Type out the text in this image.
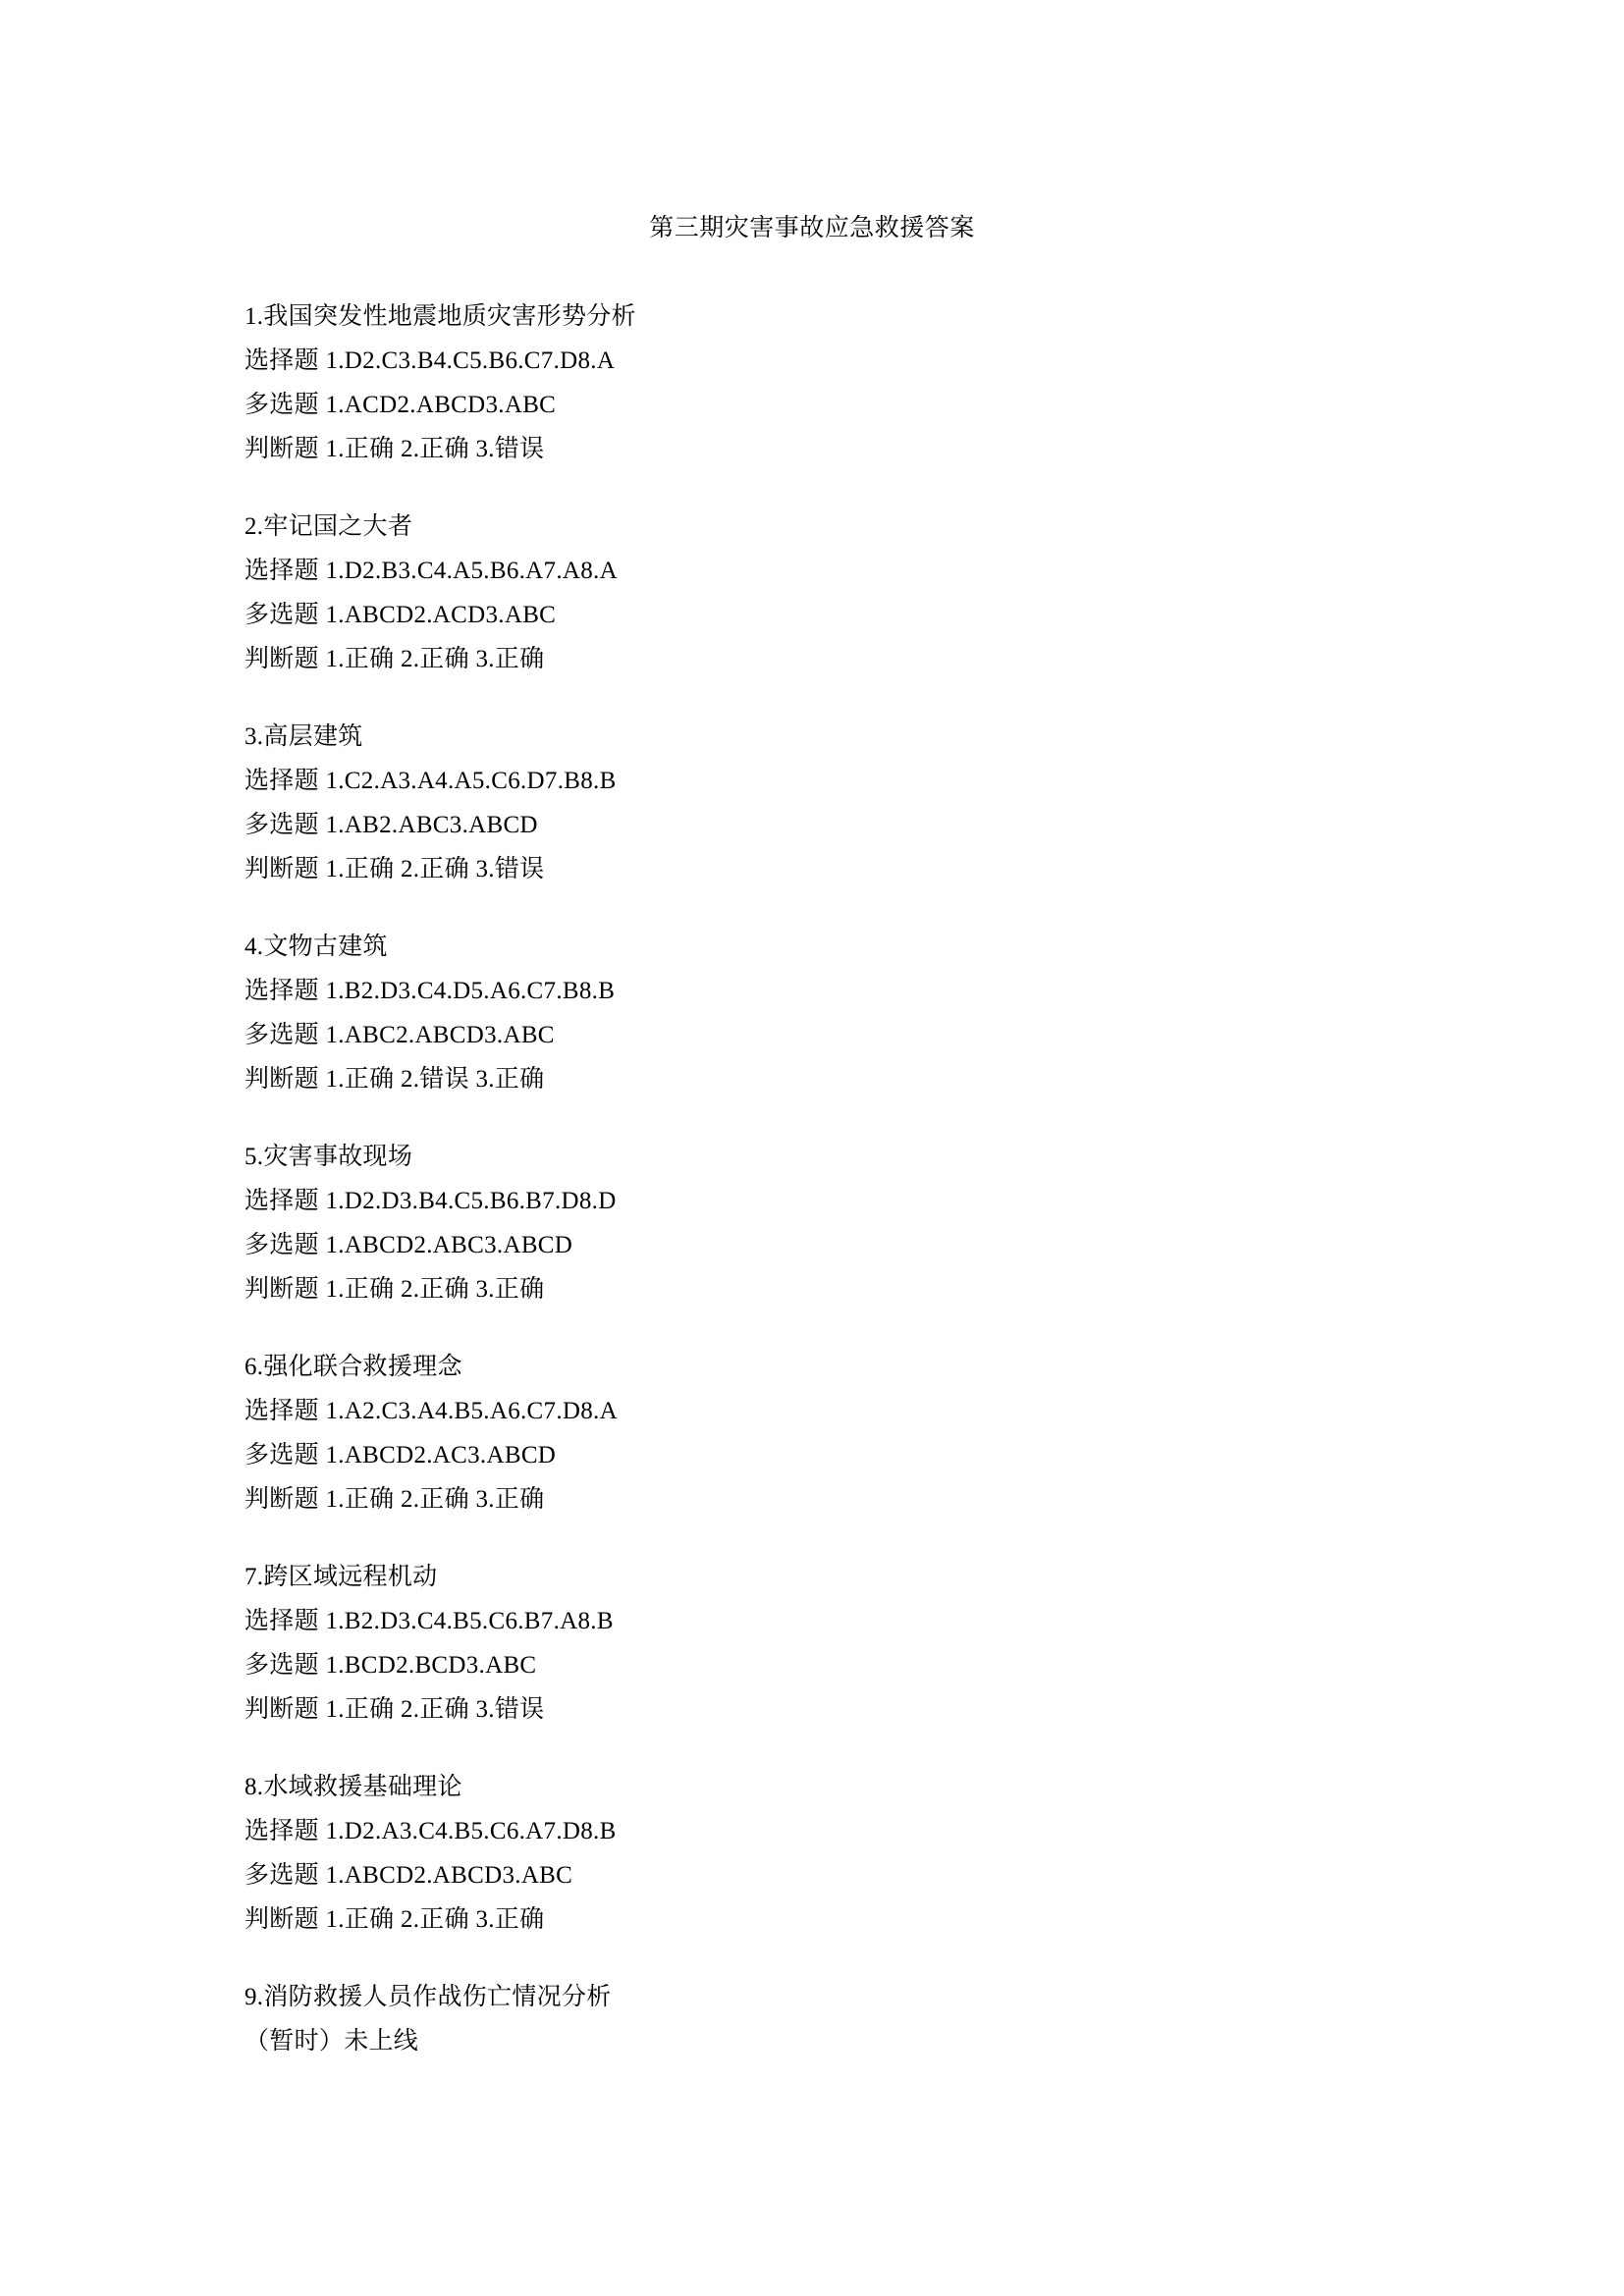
第三期灾害事故应急救援答案
1.我国突发性地震地质灾害形势分析
选择题 1.D2.C3.B4.C5.B6.C7.D8.A
多选题 1.ACD2.ABCD3.ABC
判断题 1.正确 2.正确 3.错误
2.牢记国之大者
选择题 1.D2.B3.C4.A5.B6.A7.A8.A
多选题 1.ABCD2.ACD3.ABC
判断题 1.正确 2.正确 3.正确
3.高层建筑
选择题 1.C2.A3.A4.A5.C6.D7.B8.B
多选题 1.AB2.ABC3.ABCD
判断题 1.正确 2.正确 3.错误
4.文物古建筑
选择题 1.B2.D3.C4.D5.A6.C7.B8.B
多选题 1.ABC2.ABCD3.ABC
判断题 1.正确 2.错误 3.正确
5.灾害事故现场
选择题 1.D2.D3.B4.C5.B6.B7.D8.D
多选题 1.ABCD2.ABC3.ABCD
判断题 1.正确 2.正确 3.正确
6.强化联合救援理念
选择题 1.A2.C3.A4.B5.A6.C7.D8.A
多选题 1.ABCD2.AC3.ABCD
判断题 1.正确 2.正确 3.正确
7.跨区域远程机动
选择题 1.B2.D3.C4.B5.C6.B7.A8.B
多选题 1.BCD2.BCD3.ABC
判断题 1.正确 2.正确 3.错误
8.水域救援基础理论
选择题 1.D2.A3.C4.B5.C6.A7.D8.B
多选题 1.ABCD2.ABCD3.ABC
判断题 1.正确 2.正确 3.正确
9.消防救援人员作战伤亡情况分析
（暂时）未上线
